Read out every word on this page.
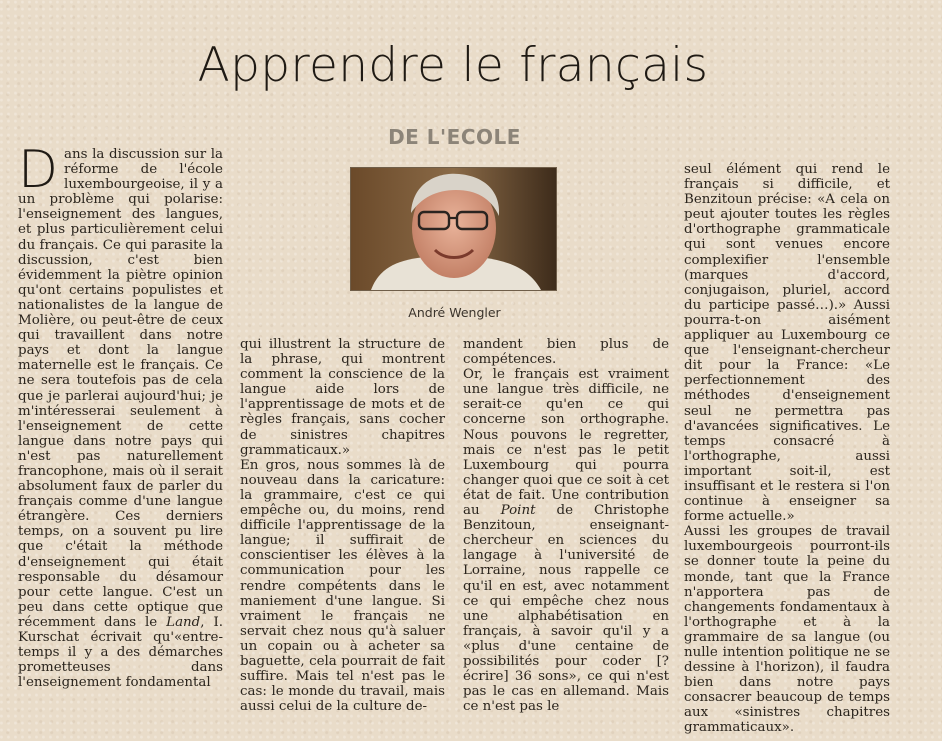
Apprendre le français
DE L'ECOLE
André Wengler

Dans la discussion sur la réforme de l'école luxembourgeoise, il y a un problème qui polarise: l'enseignement des langues, et plus particulièrement celui du français. Ce qui parasite la discussion, c'est bien évidemment la piètre opinion qu'ont certains populistes et nationalistes de la langue de Molière, ou peut-être de ceux qui travaillent dans notre pays et dont la langue maternelle est le français. Ce ne sera toutefois pas de cela que je parlerai aujourd'hui; je m'intéresserai seulement à l'enseignement de cette langue dans notre pays qui n'est pas naturellement francophone, mais où il serait absolument faux de parler du français comme d'une langue étrangère. Ces derniers temps, on a souvent pu lire que c'était la méthode d'enseignement qui était responsable du désamour pour cette langue. C'est un peu dans cette optique que récemment dans le Land, I. Kurschat écrivait qu'«entre-temps il y a des démarches prometteuses dans l'enseignement fondamental

qui illustrent la structure de la phrase, qui montrent comment la conscience de la langue aide lors de l'apprentissage de mots et de règles français, sans cocher de sinistres chapitres grammaticaux.»

En gros, nous sommes là de nouveau dans la caricature: la grammaire, c'est ce qui empêche ou, du moins, rend difficile l'apprentissage de la langue; il suffirait de conscientiser les élèves à la communication pour les rendre compétents dans le maniement d'une langue. Si vraiment le français ne servait chez nous qu'à saluer un copain ou à acheter sa baguette, cela pourrait de fait suffire. Mais tel n'est pas le cas: le monde du travail, mais aussi celui de la culture de-

mandent bien plus de compétences.

Or, le français est vraiment une langue très difficile, ne serait-ce qu'en ce qui concerne son orthographe. Nous pouvons le regretter, mais ce n'est pas le petit Luxembourg qui pourra changer quoi que ce soit à cet état de fait. Une contribution au Point de Christophe Benzitoun, enseignant-chercheur en sciences du langage à l'université de Lorraine, nous rappelle ce qu'il en est, avec notamment ce qui empêche chez nous une alphabétisation en français, à savoir qu'il y a «plus d'une centaine de possibilités pour coder [?écrire] 36 sons», ce qui n'est pas le cas en allemand. Mais ce n'est pas le

seul élément qui rend le français si difficile, et Benzitoun précise: «A cela on peut ajouter toutes les règles d'orthographe grammaticale qui sont venues encore complexifier l'ensemble (marques d'accord, conjugaison, pluriel, accord du participe passé…).» Aussi pourra-t-on aisément appliquer au Luxembourg ce que l'enseignant-chercheur dit pour la France: «Le perfectionnement des méthodes d'enseignement seul ne permettra pas d'avancées significatives. Le temps consacré à l'orthographe, aussi important soit-il, est insuffisant et le restera si l'on continue à enseigner sa forme actuelle.»

Aussi les groupes de travail luxembourgeois pourront-ils se donner toute la peine du monde, tant que la France n'apportera pas de changements fondamentaux à l'orthographe et à la grammaire de sa langue (ou nulle intention politique ne se dessine à l'horizon), il faudra bien dans notre pays consacrer beaucoup de temps aux «sinistres chapitres grammaticaux».
